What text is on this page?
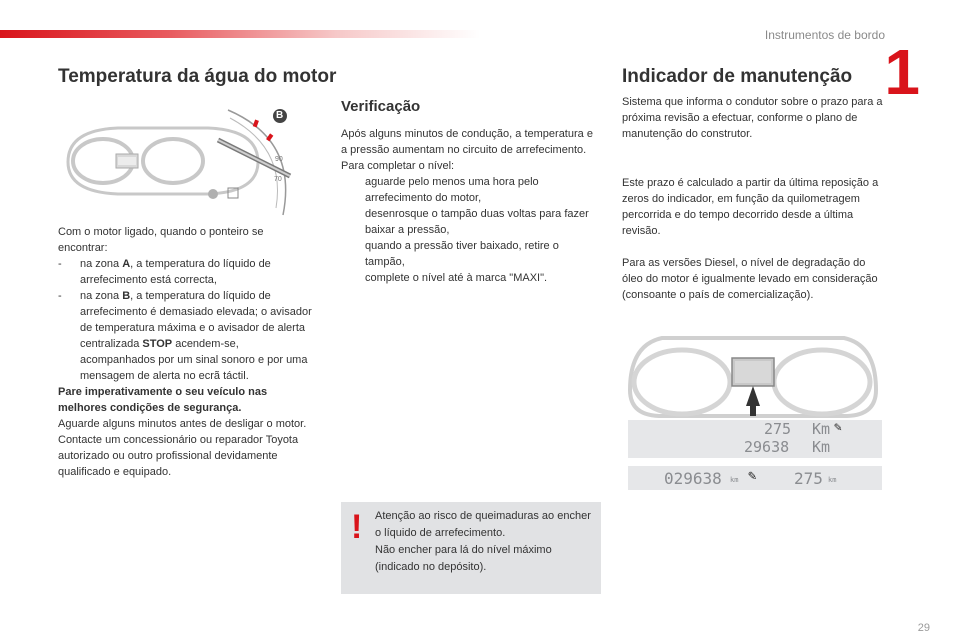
Instrumentos de bordo
1
29
Temperatura da água do motor
B
90
70

Com o motor ligado, quando o ponteiro se encontrar:

-	na zona A, a temperatura do líquido de arrefecimento está correcta,
-	na zona B, a temperatura do líquido de arrefecimento é demasiado elevada; o avisador de temperatura máxima e o avisador de alerta centralizada STOP acendem-se, acompanhados por um sinal sonoro e por uma mensagem de alerta no ecrã táctil.

Pare imperativamente o seu veículo nas melhores condições de segurança.

Aguarde alguns minutos antes de desligar o motor.

Contacte um concessionário ou reparador Toyota autorizado ou outro profissional devidamente qualificado e equipado.

Verificação

Após alguns minutos de condução, a temperatura e a pressão aumentam no circuito de arrefecimento.

Para completar o nível:

aguarde pelo menos uma hora pelo arrefecimento do motor,
desenrosque o tampão duas voltas para fazer baixar a pressão,
quando a pressão tiver baixado, retire o tampão,
complete o nível até à marca "MAXI".
! Atenção ao risco de queimaduras ao encher o líquido de arrefecimento.

Não encher para lá do nível máximo (indicado no depósito).

Indicador de manutenção
Sistema que informa o condutor sobre o prazo para a próxima revisão a efectuar, conforme o plano de manutenção do construtor.
Este prazo é calculado a partir da última reposição a zeros do indicador, em função da quilometragem percorrida e do tempo decorrido desde a última revisão.
Para as versões Diesel, o nível de degradação do óleo do motor é igualmente levado em consideração (consoante o país de comercialização).
275 Km ✎
29638 Km
029638 km ✎ 275 km
